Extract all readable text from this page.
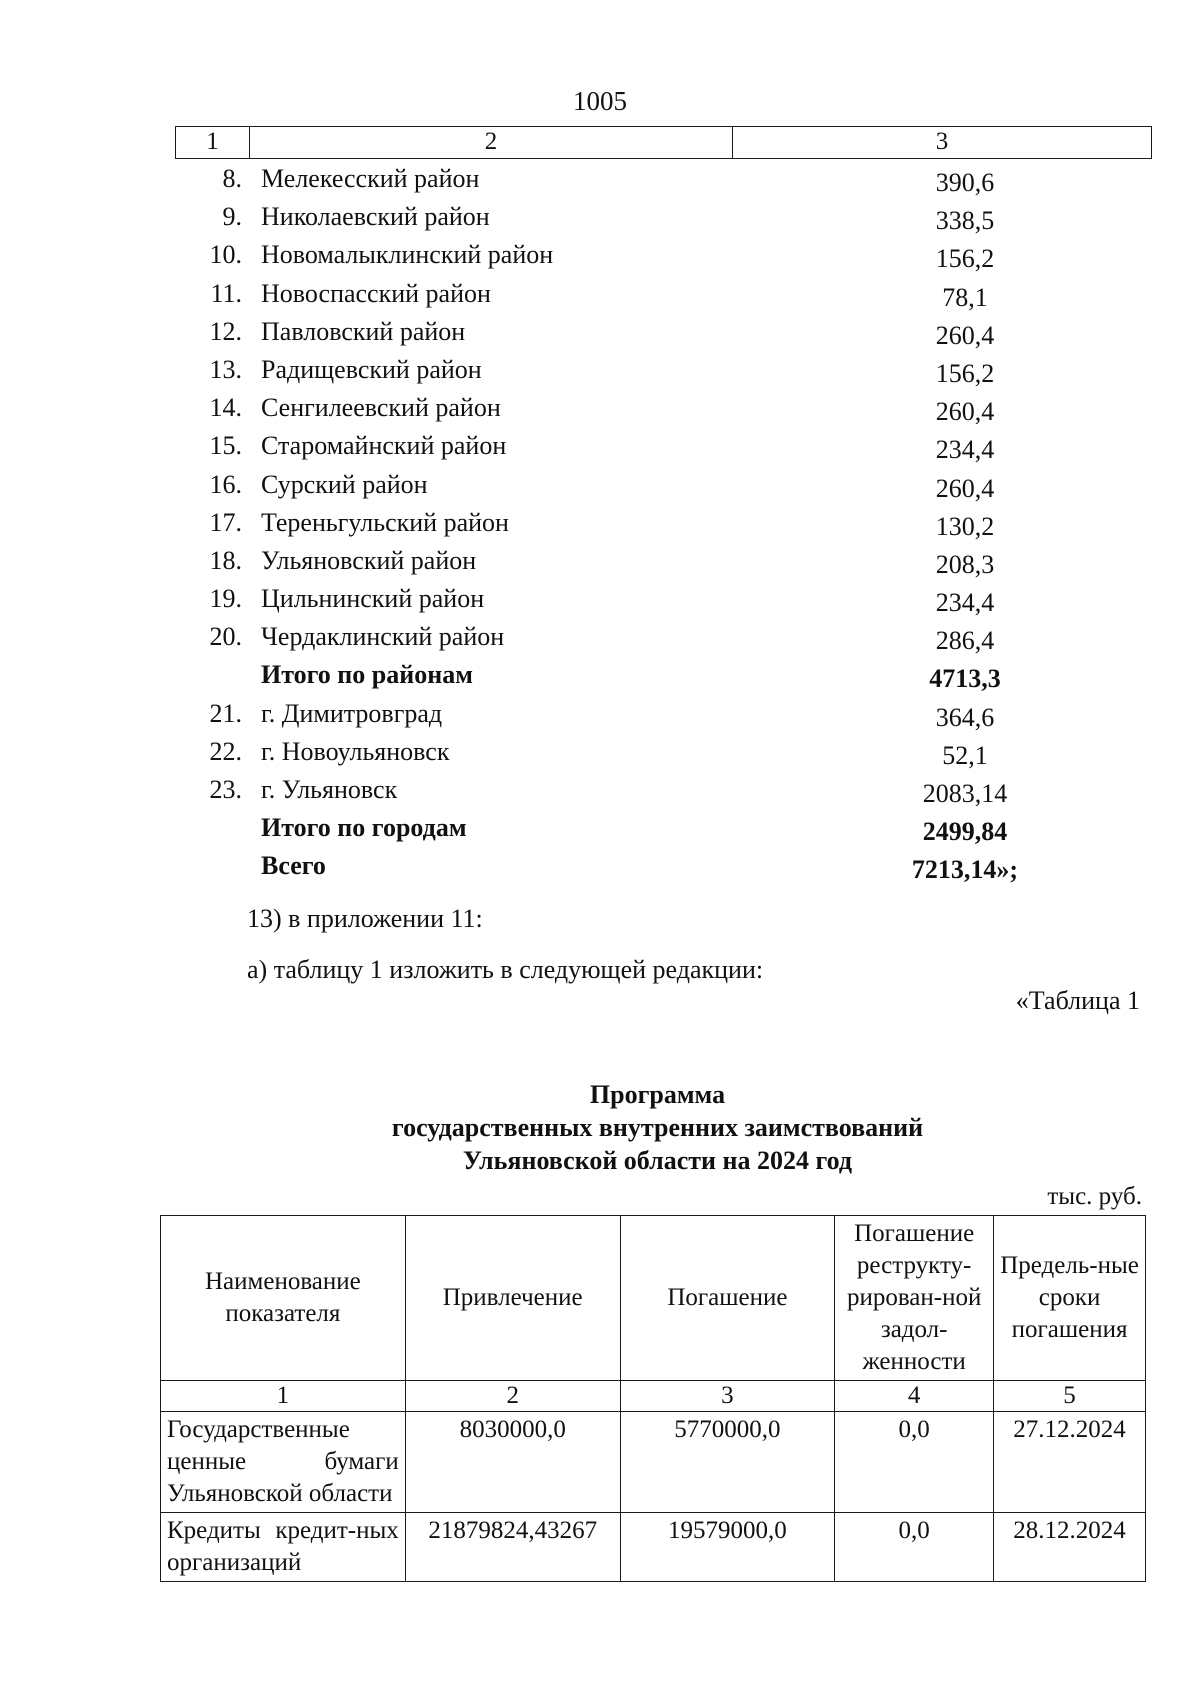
1005
1	2	3
8. Мелекесский район	390,6
9. Николаевский район	338,5
10. Новомалыклинский район	156,2
11. Новоспасский район	78,1
12. Павловский район	260,4
13. Радищевский район	156,2
14. Сенгилеевский район	260,4
15. Старомайнский район	234,4
16. Сурский район	260,4
17. Тереньгульский район	130,2
18. Ульяновский район	208,3
19. Цильнинский район	234,4
20. Чердаклинский район	286,4
Итого по районам	4713,3
21. г. Димитровград	364,6
22. г. Новоульяновск	52,1
23. г. Ульяновск	2083,14
Итого по городам	2499,84
Всего	7213,14»;
13) в приложении 11:
а) таблицу 1 изложить в следующей редакции:
«Таблица 1
Программа
государственных внутренних заимствований
Ульяновской области на 2024 год
тыс. руб.
Наименование показателя	Привлечение	Погашение	Погашение реструкту-рирован-ной задол-женности	Предель-ные сроки погашения
1	2	3	4	5
Государственные ценные бумаги Ульяновской области	8030000,0	5770000,0	0,0	27.12.2024
Кредиты кредит-ных организаций	21879824,43267	19579000,0	0,0	28.12.2024
